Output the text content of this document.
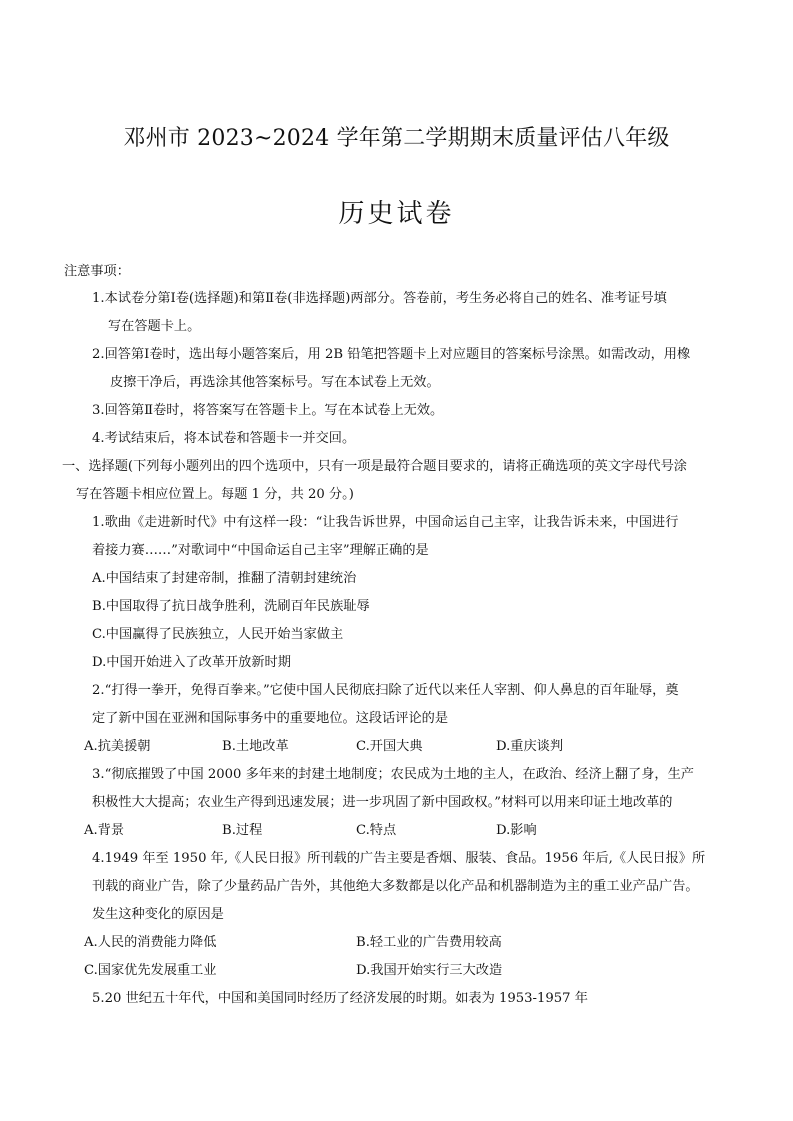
邓州市 2023~2024 学年第二学期期末质量评估八年级
历史试卷
注意事项：
1.本试卷分第Ⅰ卷(选择题)和第Ⅱ卷(非选择题)两部分。答卷前，考生务必将自己的姓名、准考证号填
写在答题卡上。
2.回答第Ⅰ卷时，选出每小题答案后，用 2B 铅笔把答题卡上对应题目的答案标号涂黑。如需改动，用橡
皮擦干净后，再选涂其他答案标号。写在本试卷上无效。
3.回答第Ⅱ卷时，将答案写在答题卡上。写在本试卷上无效。
4.考试结束后，将本试卷和答题卡一并交回。
一、选择题(下列每小题列出的四个选项中，只有一项是最符合题目要求的，请将正确选项的英文字母代号涂
写在答题卡相应位置上。每题 1 分，共 20 分。)
1.歌曲《走进新时代》中有这样一段：“让我告诉世界，中国命运自己主宰，让我告诉未来，中国进行
着接力赛……”对歌词中“中国命运自己主宰”理解正确的是
A.中国结束了封建帝制，推翻了清朝封建统治
B.中国取得了抗日战争胜利，洗刷百年民族耻辱
C.中国赢得了民族独立，人民开始当家做主
D.中国开始进入了改革开放新时期
2.“打得一拳开，免得百拳来。”它使中国人民彻底扫除了近代以来任人宰割、仰人鼻息的百年耻辱，奠
定了新中国在亚洲和国际事务中的重要地位。这段话评论的是
A.抗美援朝	B.土地改革	C.开国大典	D.重庆谈判
3.“彻底摧毁了中国 2000 多年来的封建土地制度；农民成为土地的主人，在政治、经济上翻了身，生产
积极性大大提高；农业生产得到迅速发展；进一步巩固了新中国政权。”材料可以用来印证土地改革的
A.背景	B.过程	C.特点	D.影响
4.1949 年至 1950 年,《人民日报》所刊载的广告主要是香烟、服装、食品。1956 年后,《人民日报》所
刊载的商业广告，除了少量药品广告外，其他绝大多数都是以化产品和机器制造为主的重工业产品广告。
发生这种变化的原因是
A.人民的消费能力降低	B.轻工业的广告费用较高
C.国家优先发展重工业	D.我国开始实行三大改造
5.20 世纪五十年代，中国和美国同时经历了经济发展的时期。如表为 1953-1957 年
